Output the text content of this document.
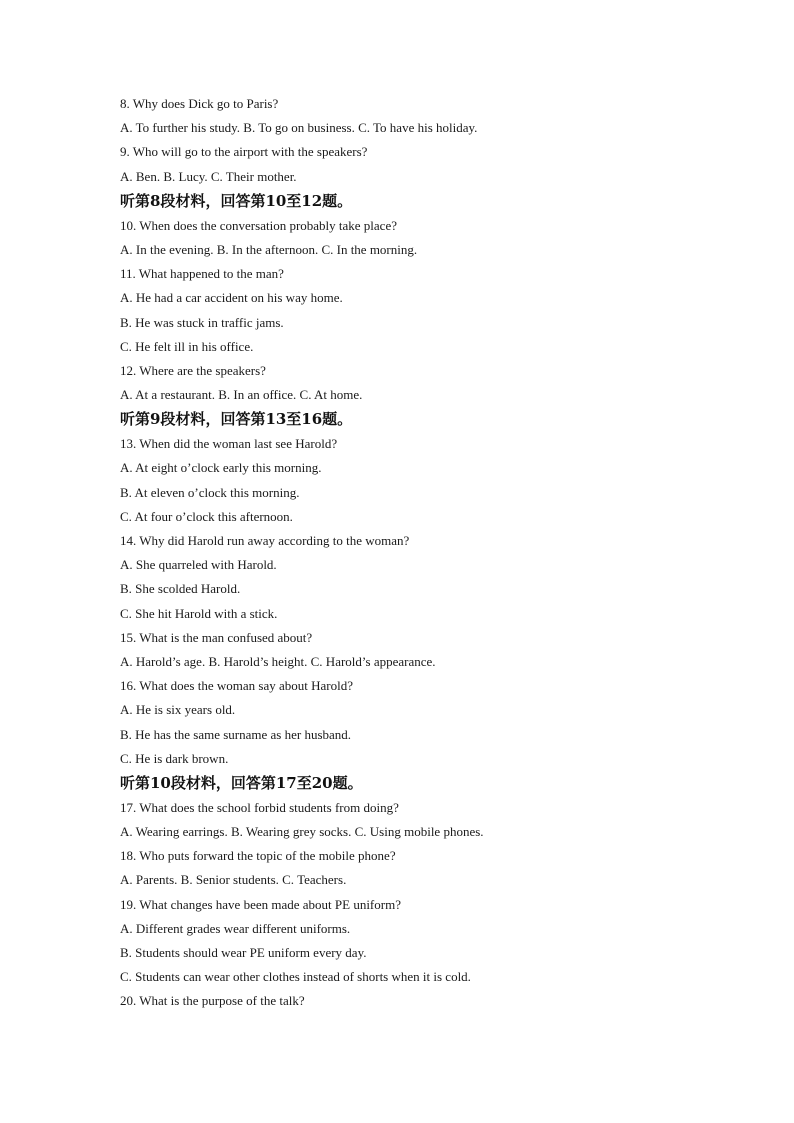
8. Why does Dick go to Paris?
A. To further his study. B. To go on business. C. To have his holiday.
9. Who will go to the airport with the speakers?
A. Ben. B. Lucy. C. Their mother.
听第8段材料，回答第10至12题。
10. When does the conversation probably take place?
A. In the evening. B. In the afternoon. C. In the morning.
11. What happened to the man?
A. He had a car accident on his way home.
B. He was stuck in traffic jams.
C. He felt ill in his office.
12. Where are the speakers?
A. At a restaurant. B. In an office. C. At home.
听第9段材料，回答第13至16题。
13. When did the woman last see Harold?
A. At eight o’clock early this morning.
B. At eleven o’clock this morning.
C. At four o’clock this afternoon.
14. Why did Harold run away according to the woman?
A. She quarreled with Harold.
B. She scolded Harold.
C. She hit Harold with a stick.
15. What is the man confused about?
A. Harold’s age. B. Harold’s height. C. Harold’s appearance.
16. What does the woman say about Harold?
A. He is six years old.
B. He has the same surname as her husband.
C. He is dark brown.
听第10段材料，回答第17至20题。
17. What does the school forbid students from doing?
A. Wearing earrings. B. Wearing grey socks. C. Using mobile phones.
18. Who puts forward the topic of the mobile phone?
A. Parents. B. Senior students. C. Teachers.
19. What changes have been made about PE uniform?
A. Different grades wear different uniforms.
B. Students should wear PE uniform every day.
C. Students can wear other clothes instead of shorts when it is cold.
20. What is the purpose of the talk?
